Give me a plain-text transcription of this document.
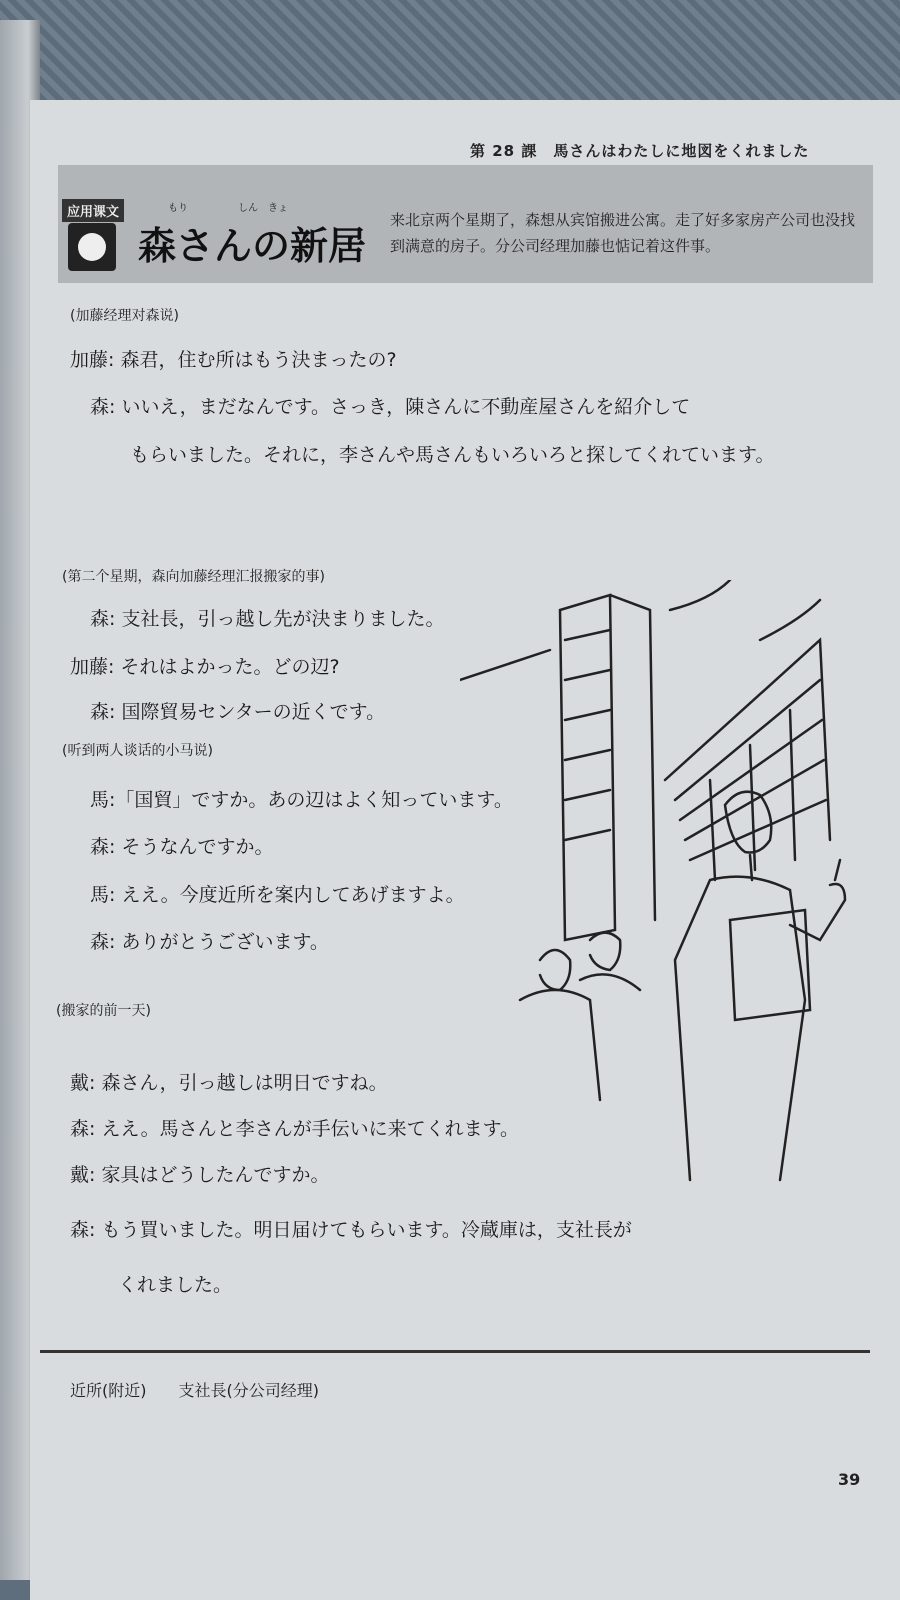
第 28 課　馬さんはわたしに地図をくれました
应用课文	もり　　　　　しん　きょ
森さんの新居
来北京两个星期了，森想从宾馆搬进公寓。走了好多家房产公司也没找到满意的房子。分公司经理加藤也惦记着这件事。
(加藤经理对森说)
加藤: 森君，住む所はもう決まったの?
森: いいえ，まだなんです。さっき，陳さんに不動産屋さんを紹介して
もらいました。それに，李さんや馬さんもいろいろと探してくれています。
(第二个星期，森向加藤经理汇报搬家的事)
森: 支社長，引っ越し先が決まりました。
加藤: それはよかった。どの辺?
森: 国際貿易センターの近くです。
(听到两人谈话的小马说)
馬:「国貿」ですか。あの辺はよく知っています。
森: そうなんですか。
馬: ええ。今度近所を案内してあげますよ。
森: ありがとうございます。
(搬家的前一天)
戴: 森さん，引っ越しは明日ですね。
森: ええ。馬さんと李さんが手伝いに来てくれます。
戴: 家具はどうしたんですか。
森: もう買いました。明日届けてもらいます。冷蔵庫は，支社長が
くれました。
近所(附近)　　支社長(分公司经理)
39
